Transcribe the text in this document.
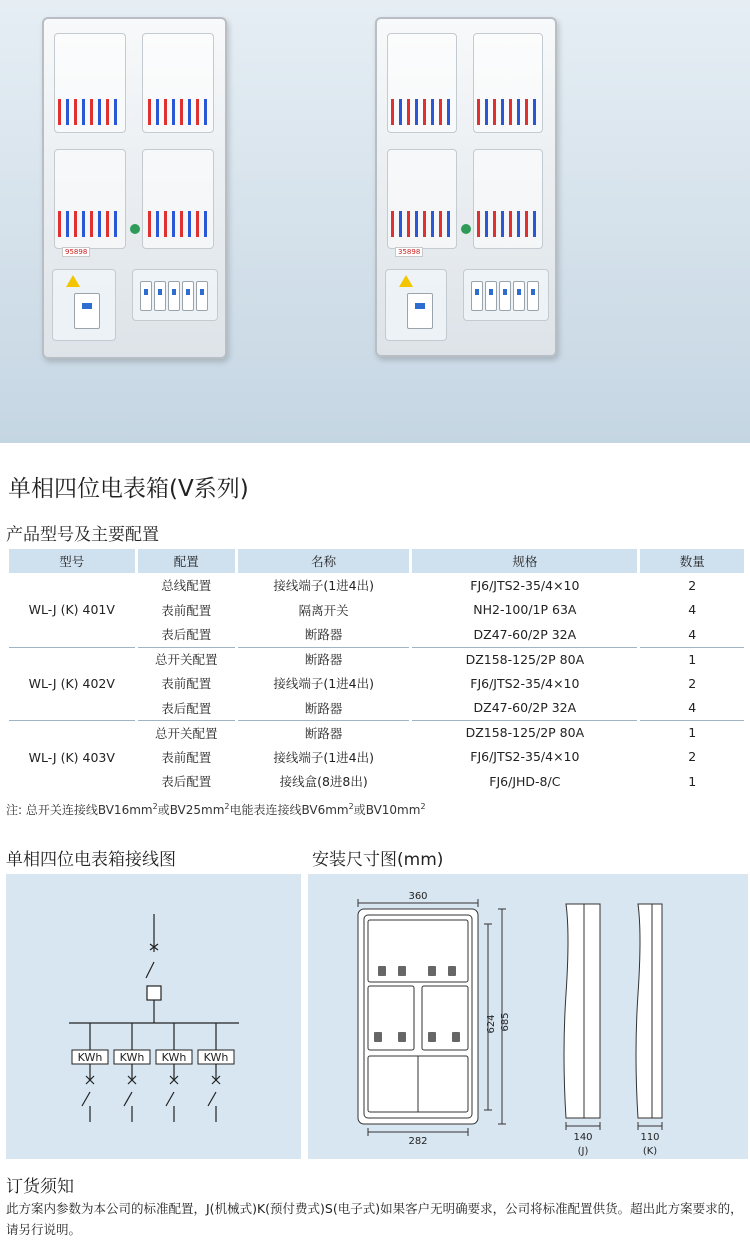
95898	35898
单相四位电表箱(V系列)
产品型号及主要配置
型号	配置	名称	规格	数量
WL-J (K) 401V	总线配置	接线端子(1进4出)	FJ6/JTS2-35/4×10	2
	表前配置	隔离开关	NH2-100/1P 63A	4
	表后配置	断路器	DZ47-60/2P 32A	4
WL-J (K) 402V	总开关配置	断路器	DZ158-125/2P 80A	1
	表前配置	接线端子(1进4出)	FJ6/JTS2-35/4×10	2
	表后配置	断路器	DZ47-60/2P 32A	4
WL-J (K) 403V	总开关配置	断路器	DZ158-125/2P 80A	1
	表前配置	接线端子(1进4出)	FJ6/JTS2-35/4×10	2
	表后配置	接线盒(8进8出)	FJ6/JHD-8/C	1
注: 总开关连接线$BV16mm^2$或$BV25mm^2$电能表连接线$BV6mm^2$或$BV10mm^2$
单相四位电表箱接线图	安装尺寸图(mm)
KWh KWh KWh KWh
360
282
624 685
140
(J)
110
(K)
订货须知
此方案内参数为本公司的标准配置，J(机械式)K(预付费式)S(电子式)如果客户无明确要求，公司将标准配置供货。超出此方案要求的，请另行说明。
